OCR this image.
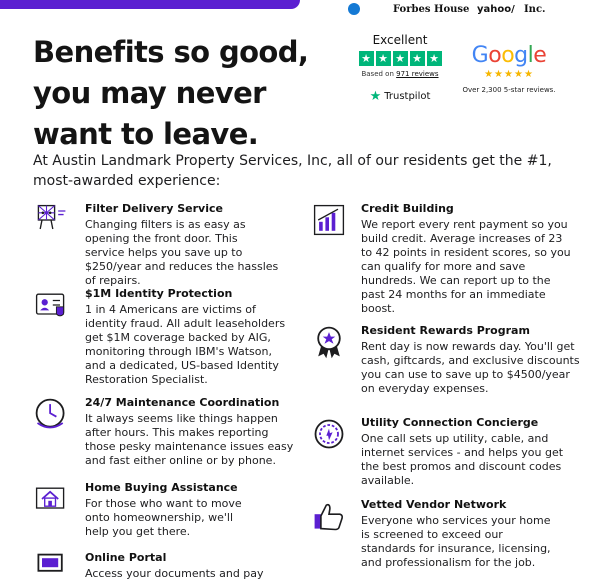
Forbes House yahoo/ Inc.
Benefits so good,
you may never
want to leave.
Excellent
★ ★ ★ ★ ★
Based on 971 reviews
★ Trustpilot
Google
★★★★★
Over 2,300 5-star reviews.
At Austin Landmark Property Services, Inc, all of our residents get the #1, most-awarded experience:
Filter Delivery Service

Changing filters is as easy as opening the front door. This service helps you save up to $250/year and reduces the hassles of repairs.

$1M Identity Protection

1 in 4 Americans are victims of identity fraud. All adult leaseholders get $1M coverage backed by AIG, monitoring through IBM's Watson, and a dedicated, US-based Identity Restoration Specialist.

24/7 Maintenance Coordination

It always seems like things happen after hours. This makes reporting those pesky maintenance issues easy and fast either online or by phone.

Home Buying Assistance

For those who want to move onto homeownership, we'll help you get there.

Online Portal

Access your documents and pay

Credit Building

We report every rent payment so you build credit. Average increases of 23 to 42 points in resident scores, so you can qualify for more and save hundreds. We can report up to the past 24 months for an immediate boost.

Resident Rewards Program

Rent day is now rewards day. You'll get cash, giftcards, and exclusive discounts you can use to save up to $4500/year on everyday expenses.

Utility Connection Concierge

One call sets up utility, cable, and internet services - and helps you get the best promos and discount codes available.

Vetted Vendor Network

Everyone who services your home is screened to exceed our standards for insurance, licensing, and professionalism for the job.
